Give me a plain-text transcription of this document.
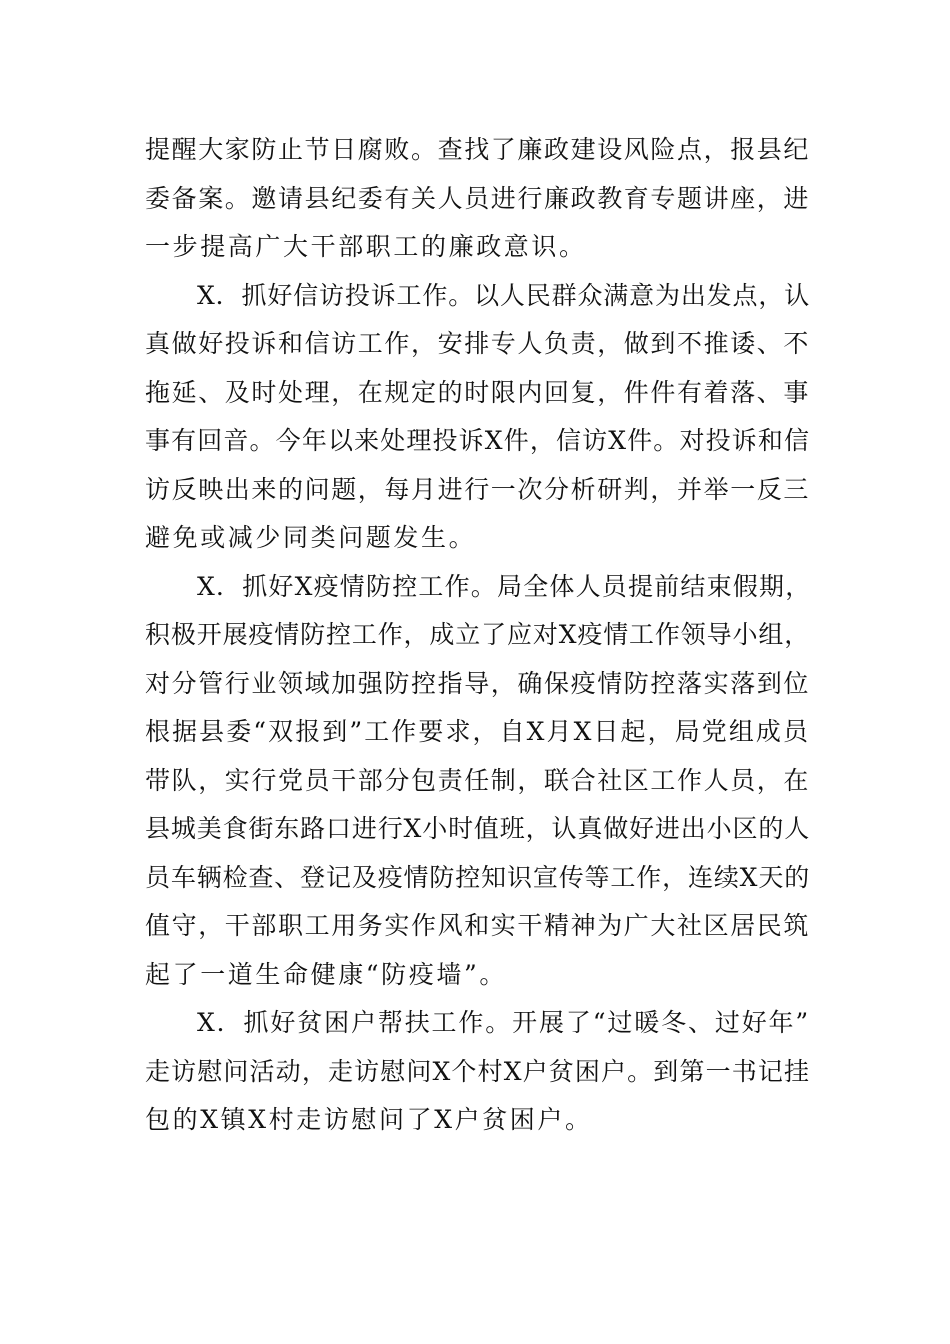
提醒大家防止节日腐败。查找了廉政建设风险点，报县纪
委备案。邀请县纪委有关人员进行廉政教育专题讲座，进
一步提高广大干部职工的廉政意识。
X．抓好信访投诉工作。以人民群众满意为出发点，认
真做好投诉和信访工作，安排专人负责，做到不推诿、不
拖延、及时处理，在规定的时限内回复，件件有着落、事
事有回音。今年以来处理投诉X件，信访X件。对投诉和信
访反映出来的问题，每月进行一次分析研判，并举一反三
避免或减少同类问题发生。
X．抓好X疫情防控工作。局全体人员提前结束假期，
积极开展疫情防控工作，成立了应对X疫情工作领导小组，
对分管行业领域加强防控指导，确保疫情防控落实落到位
根据县委“双报到”工作要求，自X月X日起，局党组成员
带队，实行党员干部分包责任制，联合社区工作人员，在
县城美食街东路口进行X小时值班，认真做好进出小区的人
员车辆检查、登记及疫情防控知识宣传等工作，连续X天的
值守，干部职工用务实作风和实干精神为广大社区居民筑
起了一道生命健康“防疫墙”。
X．抓好贫困户帮扶工作。开展了“过暖冬、过好年”
走访慰问活动，走访慰问X个村X户贫困户。到第一书记挂
包的X镇X村走访慰问了X户贫困户。
